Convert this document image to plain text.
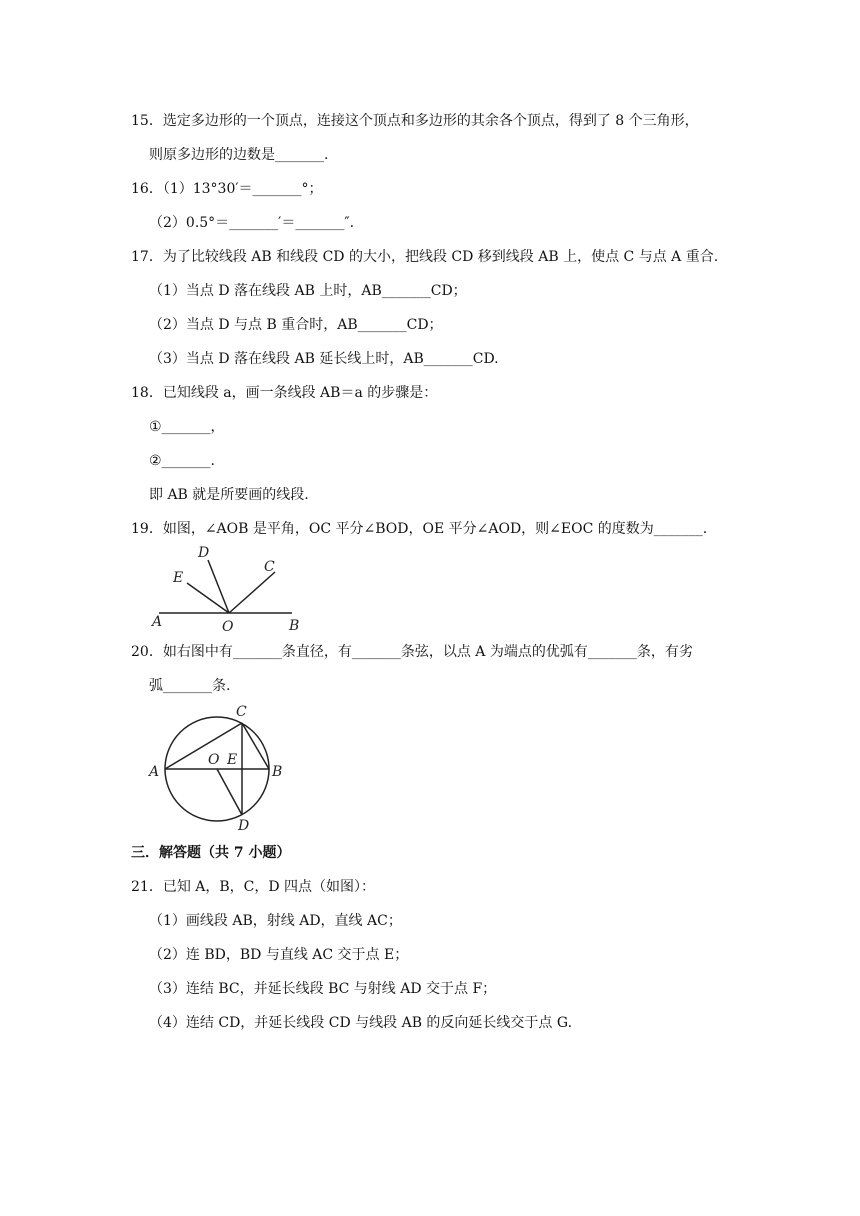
15．选定多边形的一个顶点，连接这个顶点和多边形的其余各个顶点，得到了 8 个三角形，
则原多边形的边数是_______.
16．（1）13°30′＝_______°；
（2）0.5°＝_______′＝_______″.
17．为了比较线段 AB 和线段 CD 的大小，把线段 CD 移到线段 AB 上，使点 C 与点 A 重合.
（1）当点 D 落在线段 AB 上时，AB_______CD；
（2）当点 D 与点 B 重合时，AB_______CD；
（3）当点 D 落在线段 AB 延长线上时，AB_______CD.
18．已知线段 a，画一条线段 AB＝a 的步骤是：
①_______，
②_______.
即 AB 就是所要画的线段.
19．如图，∠AOB 是平角，OC 平分∠BOD，OE 平分∠AOD，则∠EOC 的度数为_______.
A	B
O
C
D
E
20．如右图中有_______条直径，有_______条弦，以点 A 为端点的优弧有_______条，有劣
弧_______条.
A	B
C
D
O E
三．解答题（共 7 小题）
21．已知 A，B，C，D 四点（如图）：
（1）画线段 AB，射线 AD，直线 AC；
（2）连 BD，BD 与直线 AC 交于点 E；
（3）连结 BC，并延长线段 BC 与射线 AD 交于点 F；
（4）连结 CD，并延长线段 CD 与线段 AB 的反向延长线交于点 G.
